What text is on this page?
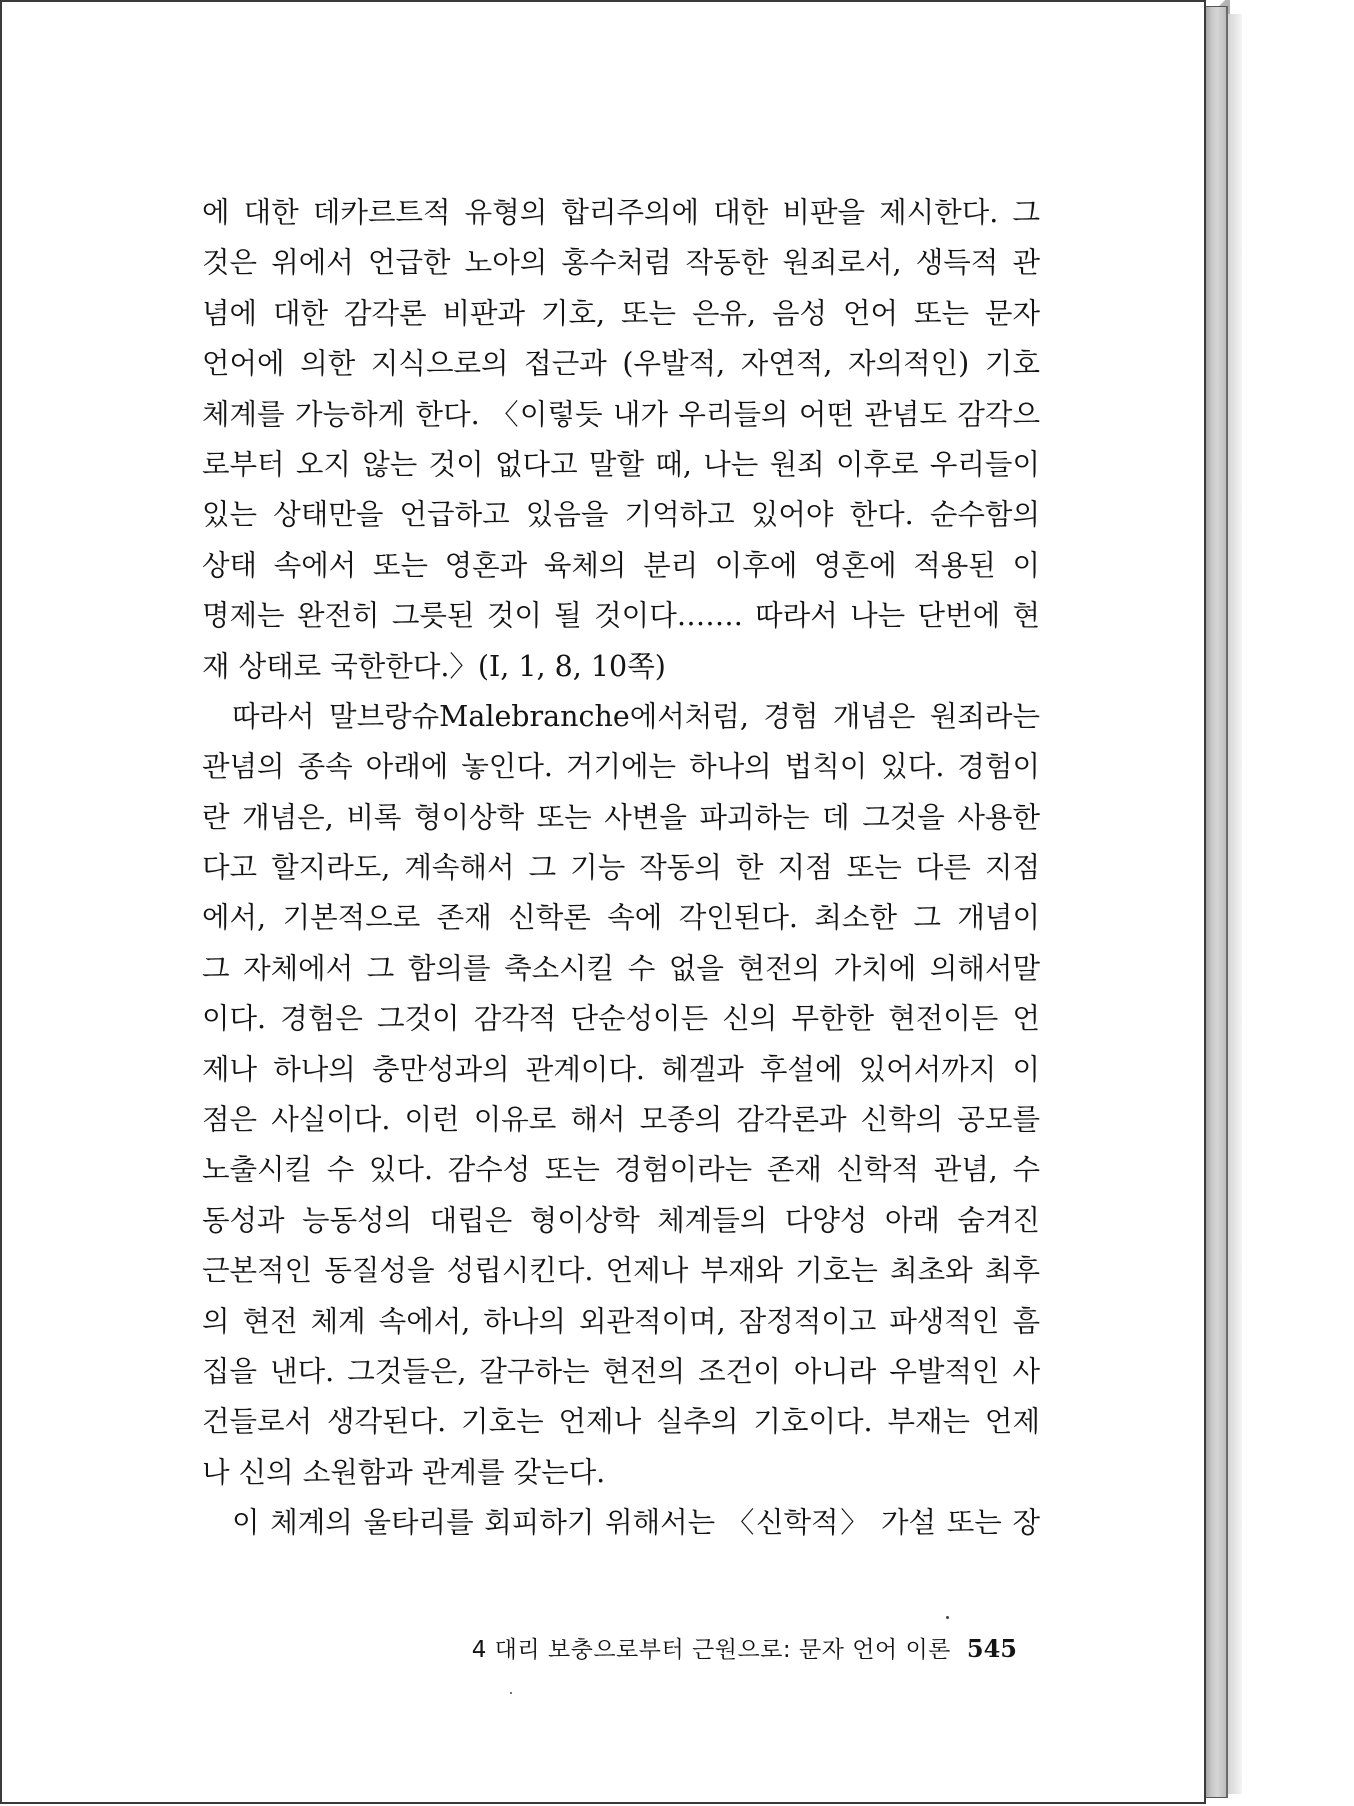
에 대한 데카르트적 유형의 합리주의에 대한 비판을 제시한다. 그
것은 위에서 언급한 노아의 홍수처럼 작동한 원죄로서, 생득적 관
념에 대한 감각론 비판과 기호, 또는 은유, 음성 언어 또는 문자
언어에 의한 지식으로의 접근과 (우발적, 자연적, 자의적인) 기호
체계를 가능하게 한다. 〈이렇듯 내가 우리들의 어떤 관념도 감각으
로부터 오지 않는 것이 없다고 말할 때, 나는 원죄 이후로 우리들이
있는 상태만을 언급하고 있음을 기억하고 있어야 한다. 순수함의
상태 속에서 또는 영혼과 육체의 분리 이후에 영혼에 적용된 이
명제는 완전히 그릇된 것이 될 것이다……. 따라서 나는 단번에 현
재 상태로 국한한다.〉(I, 1, 8, 10쪽)
따라서 말브랑슈Malebranche에서처럼, 경험 개념은 원죄라는
관념의 종속 아래에 놓인다. 거기에는 하나의 법칙이 있다. 경험이
란 개념은, 비록 형이상학 또는 사변을 파괴하는 데 그것을 사용한
다고 할지라도, 계속해서 그 기능 작동의 한 지점 또는 다른 지점
에서, 기본적으로 존재 신학론 속에 각인된다. 최소한 그 개념이
그 자체에서 그 함의를 축소시킬 수 없을 현전의 가치에 의해서말
이다. 경험은 그것이 감각적 단순성이든 신의 무한한 현전이든 언
제나 하나의 충만성과의 관계이다. 헤겔과 후설에 있어서까지 이
점은 사실이다. 이런 이유로 해서 모종의 감각론과 신학의 공모를
노출시킬 수 있다. 감수성 또는 경험이라는 존재 신학적 관념, 수
동성과 능동성의 대립은 형이상학 체계들의 다양성 아래 숨겨진
근본적인 동질성을 성립시킨다. 언제나 부재와 기호는 최초와 최후
의 현전 체계 속에서, 하나의 외관적이며, 잠정적이고 파생적인 흠
집을 낸다. 그것들은, 갈구하는 현전의 조건이 아니라 우발적인 사
건들로서 생각된다. 기호는 언제나 실추의 기호이다. 부재는 언제
나 신의 소원함과 관계를 갖는다.
이 체계의 울타리를 회피하기 위해서는 〈신학적〉 가설 또는 장
4 대리 보충으로부터 근원으로: 문자 언어 이론 545
